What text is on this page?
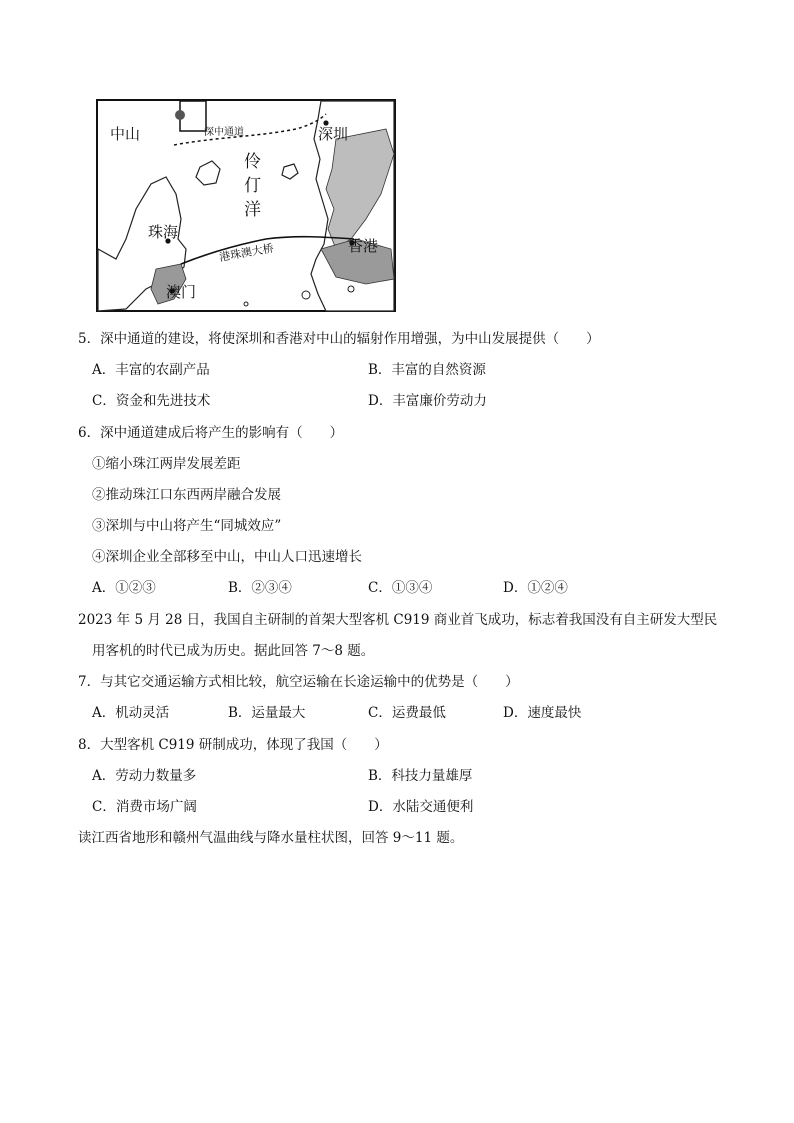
中山	深中通道	深圳
伶
仃
洋
珠海
港珠澳大桥	香港
澳门
5．深中通道的建设，将使深圳和香港对中山的辐射作用增强，为中山发展提供（　　）
A．丰富的农副产品	B．丰富的自然资源
C．资金和先进技术	D．丰富廉价劳动力
6．深中通道建成后将产生的影响有（　　）
①缩小珠江两岸发展差距
②推动珠江口东西两岸融合发展
③深圳与中山将产生“同城效应”
④深圳企业全部移至中山，中山人口迅速增长
A．①②③	B．②③④	C．①③④	D．①②④
2023 年 5 月 28 日，我国自主研制的首架大型客机 C919 商业首飞成功，标志着我国没有自主研发大型民
用客机的时代已成为历史。据此回答 7～8 题。
7．与其它交通运输方式相比较，航空运输在长途运输中的优势是（　　）
A．机动灵活	B．运量最大	C．运费最低	D．速度最快
8．大型客机 C919 研制成功，体现了我国（　　）
A．劳动力数量多	B．科技力量雄厚
C．消费市场广阔	D．水陆交通便利
读江西省地形和赣州气温曲线与降水量柱状图，回答 9～11 题。
